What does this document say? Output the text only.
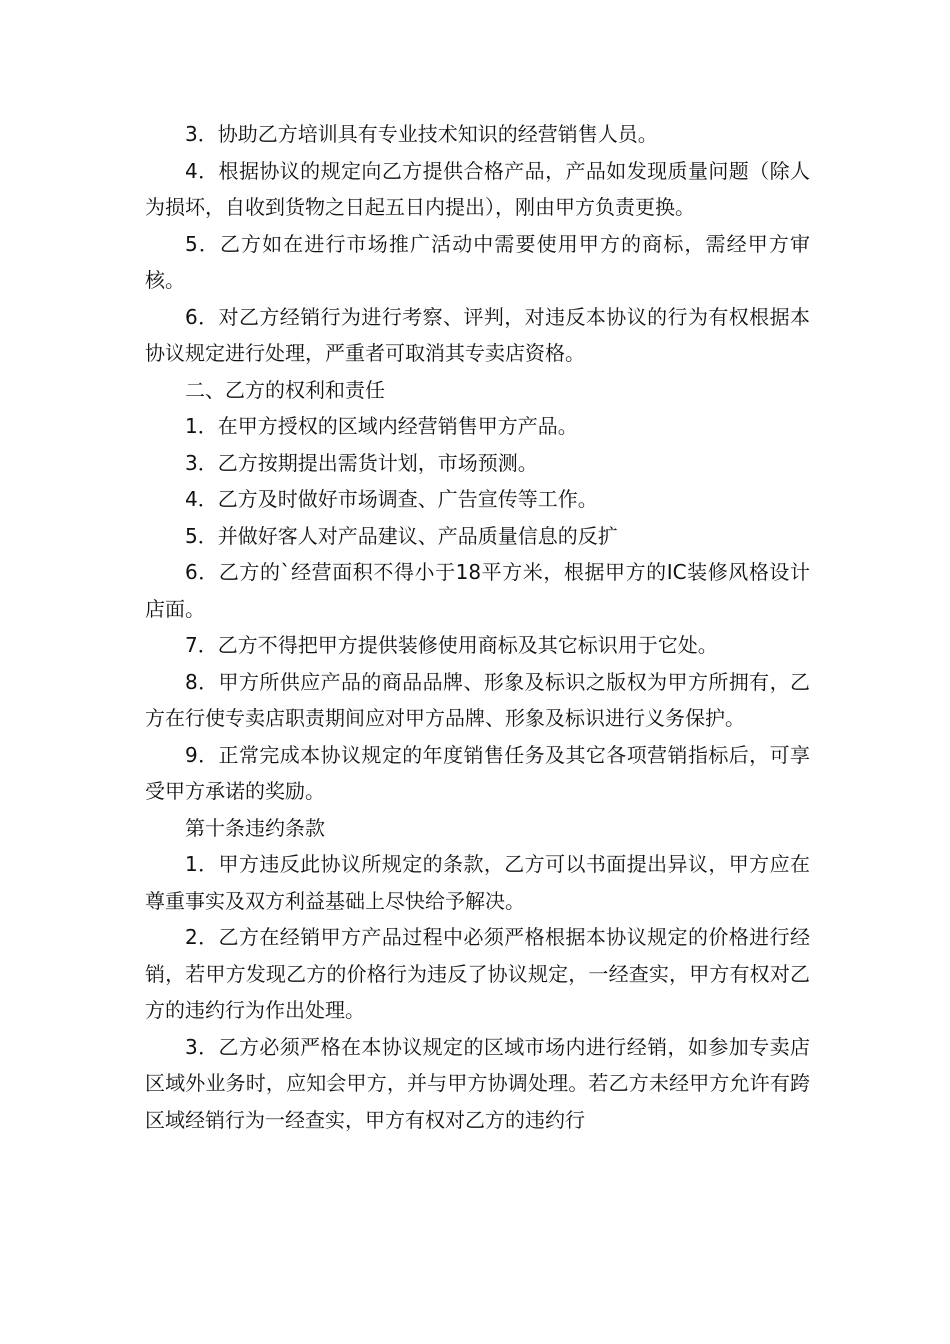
3．协助乙方培训具有专业技术知识的经营销售人员。

4．根据协议的规定向乙方提供合格产品，产品如发现质量问题（除人为损坏，自收到货物之日起五日内提出），刚由甲方负责更换。

5．乙方如在进行市场推广活动中需要使用甲方的商标，需经甲方审核。

6．对乙方经销行为进行考察、评判，对违反本协议的行为有权根据本协议规定进行处理，严重者可取消其专卖店资格。

二、乙方的权利和责任

1．在甲方授权的区域内经营销售甲方产品。

3．乙方按期提出需货计划，市场预测。

4．乙方及时做好市场调查、广告宣传等工作。

5．并做好客人对产品建议、产品质量信息的反扩

6．乙方的`经营面积不得小于18平方米，根据甲方的IC装修风格设计店面。

7．乙方不得把甲方提供装修使用商标及其它标识用于它处。

8．甲方所供应产品的商品品牌、形象及标识之版权为甲方所拥有，乙方在行使专卖店职责期间应对甲方品牌、形象及标识进行义务保护。

9．正常完成本协议规定的年度销售任务及其它各项营销指标后，可享受甲方承诺的奖励。

第十条违约条款

1．甲方违反此协议所规定的条款，乙方可以书面提出异议，甲方应在尊重事实及双方利益基础上尽快给予解决。

2．乙方在经销甲方产品过程中必须严格根据本协议规定的价格进行经销，若甲方发现乙方的价格行为违反了协议规定，一经查实，甲方有权对乙方的违约行为作出处理。

3．乙方必须严格在本协议规定的区域市场内进行经销，如参加专卖店区域外业务时，应知会甲方，并与甲方协调处理。若乙方未经甲方允许有跨区域经销行为一经查实，甲方有权对乙方的违约行
